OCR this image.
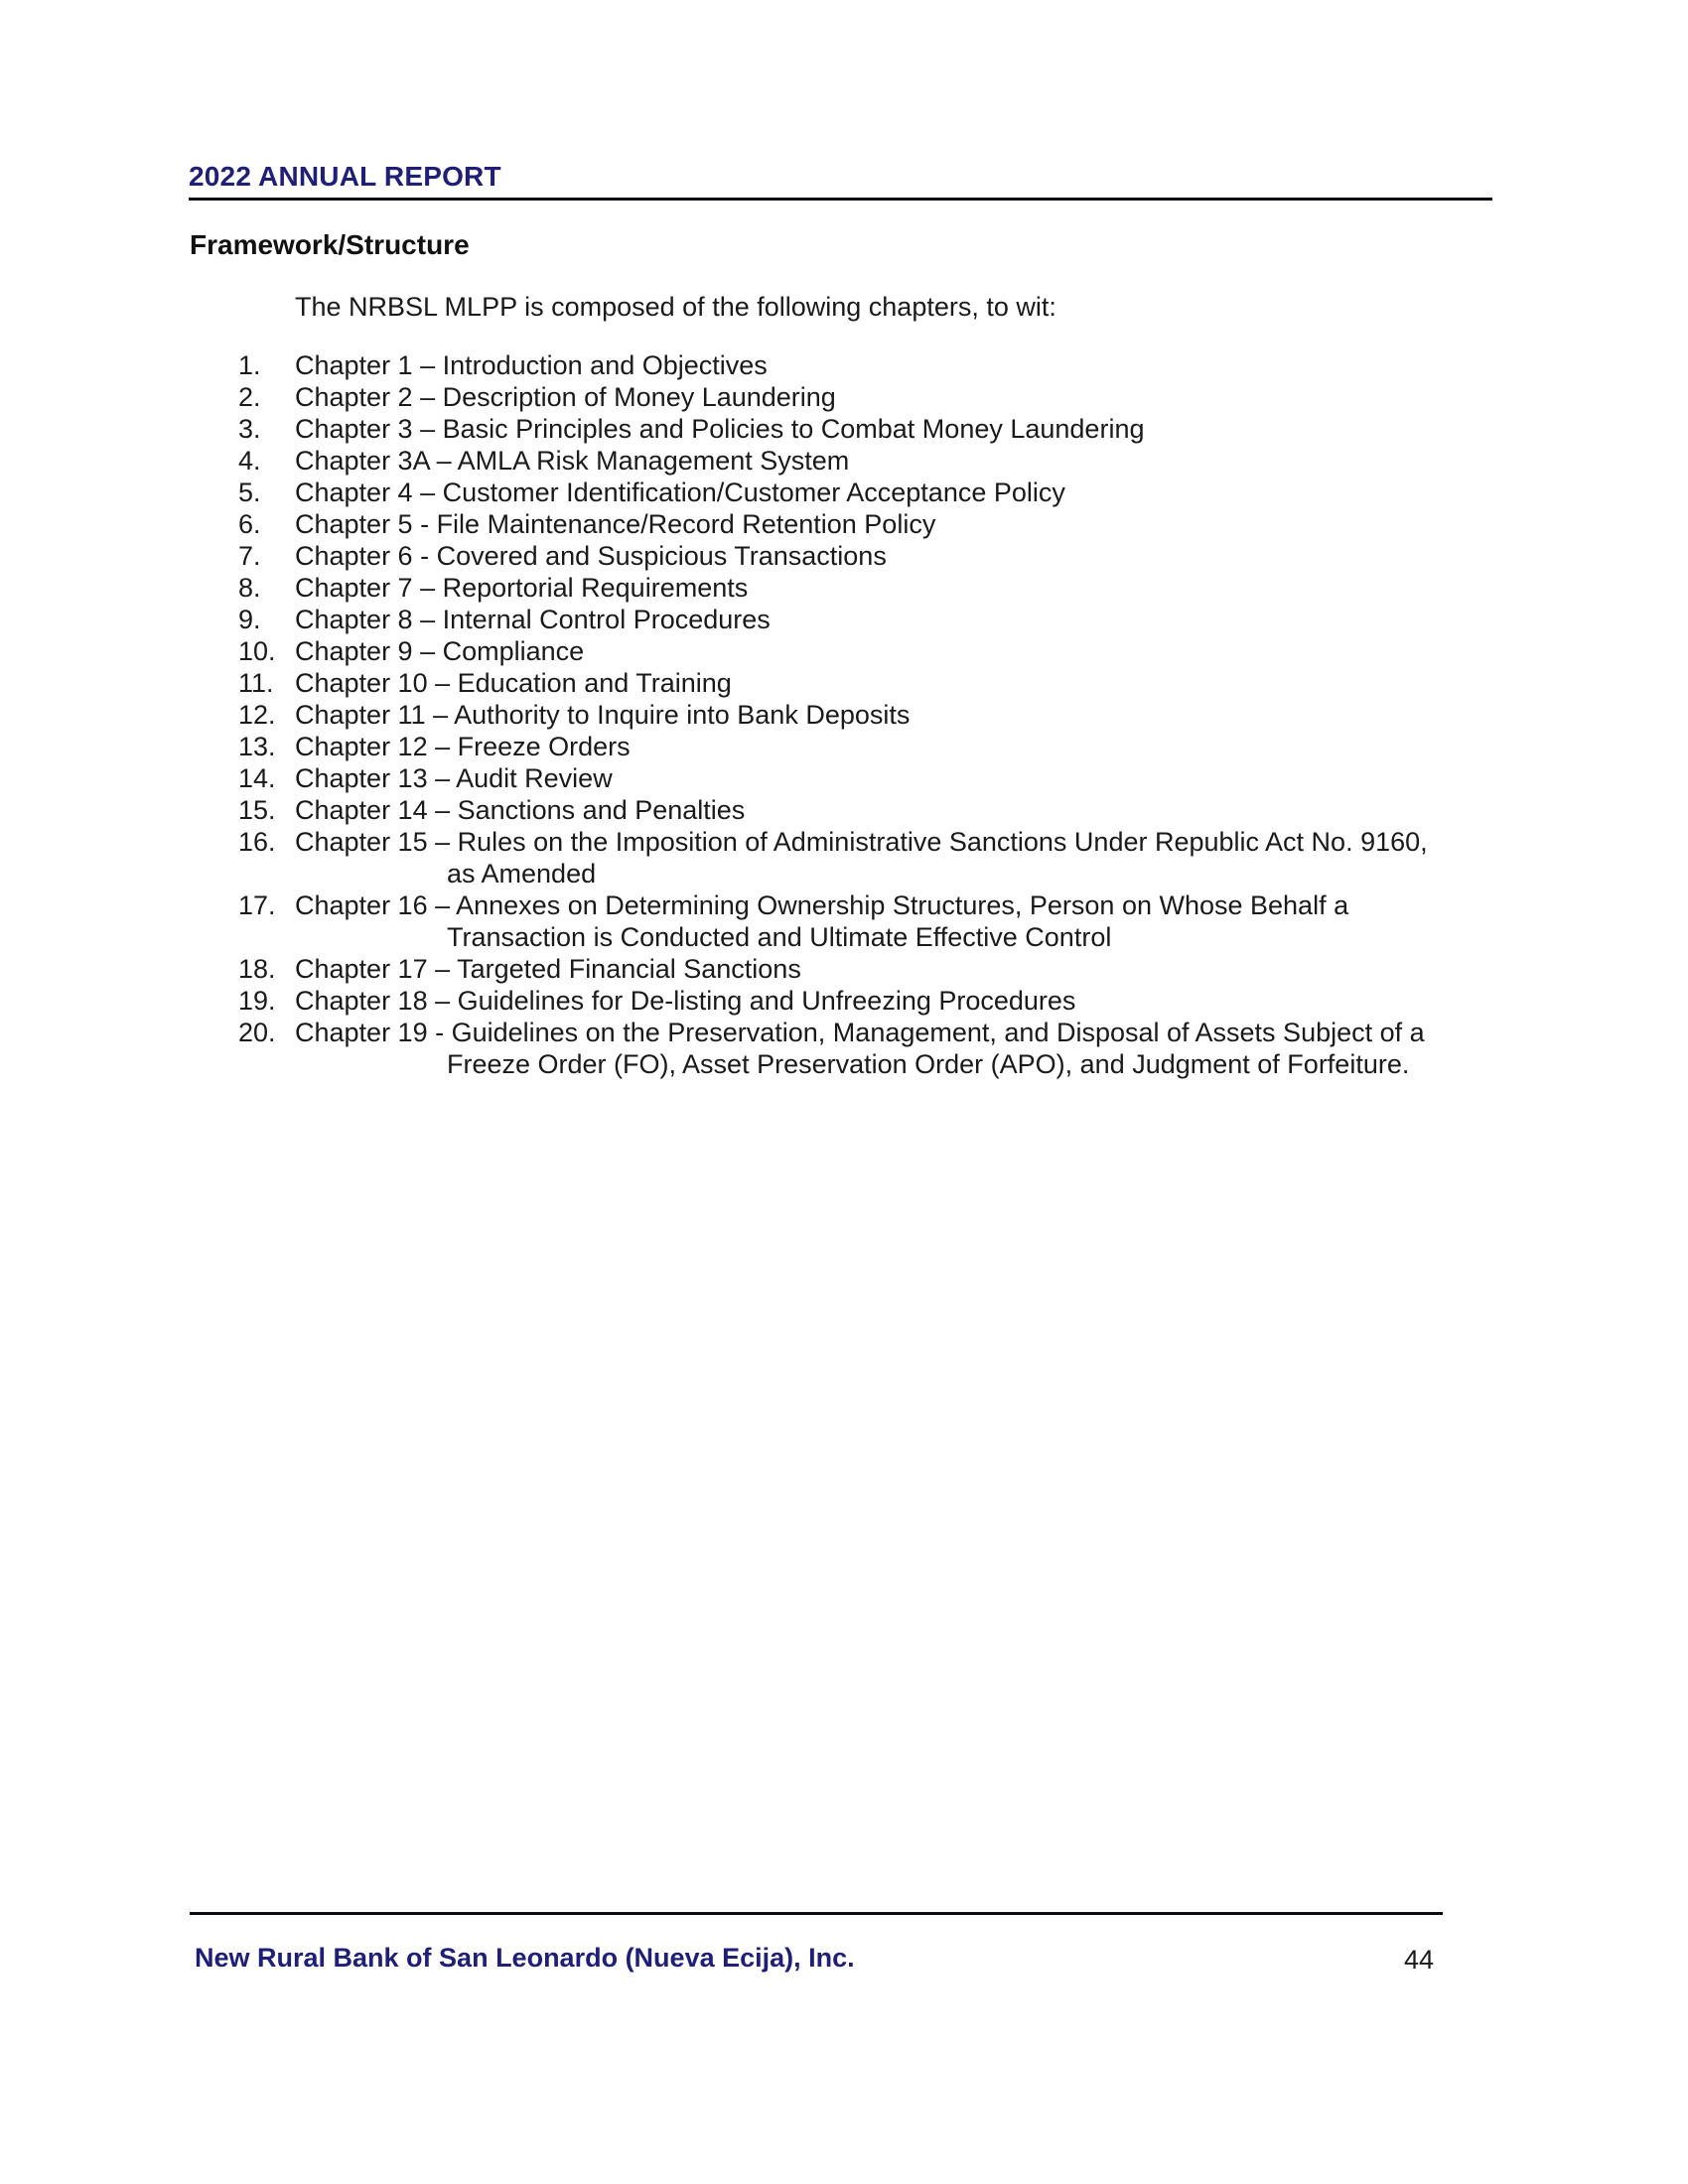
2022 ANNUAL REPORT
Framework/Structure
The NRBSL MLPP is composed of the following chapters, to wit:
1.	Chapter 1 – Introduction and Objectives
2.	Chapter 2 – Description of Money Laundering
3.	Chapter 3 – Basic Principles and Policies to Combat Money Laundering
4.	Chapter 3A – AMLA Risk Management System
5.	Chapter 4 – Customer Identification/Customer Acceptance Policy
6.	Chapter 5 - File Maintenance/Record Retention Policy
7.	Chapter 6 - Covered and Suspicious Transactions
8.	Chapter 7 – Reportorial Requirements
9.	Chapter 8 – Internal Control Procedures
10. Chapter 9 – Compliance
11. Chapter 10 – Education and Training
12. Chapter 11 – Authority to Inquire into Bank Deposits
13. Chapter 12 – Freeze Orders
14. Chapter 13 – Audit Review
15. Chapter 14 – Sanctions and Penalties
16. Chapter 15 – Rules on the Imposition of Administrative Sanctions Under Republic Act No. 9160,
as Amended
17. Chapter 16 – Annexes on Determining Ownership Structures, Person on Whose Behalf a
Transaction is Conducted and Ultimate Effective Control
18. Chapter 17 – Targeted Financial Sanctions
19. Chapter 18 – Guidelines for De-listing and Unfreezing Procedures
20. Chapter 19 - Guidelines on the Preservation, Management, and Disposal of Assets Subject of a
Freeze Order (FO), Asset Preservation Order (APO), and Judgment of Forfeiture.
New Rural Bank of San Leonardo (Nueva Ecija), Inc.	44
